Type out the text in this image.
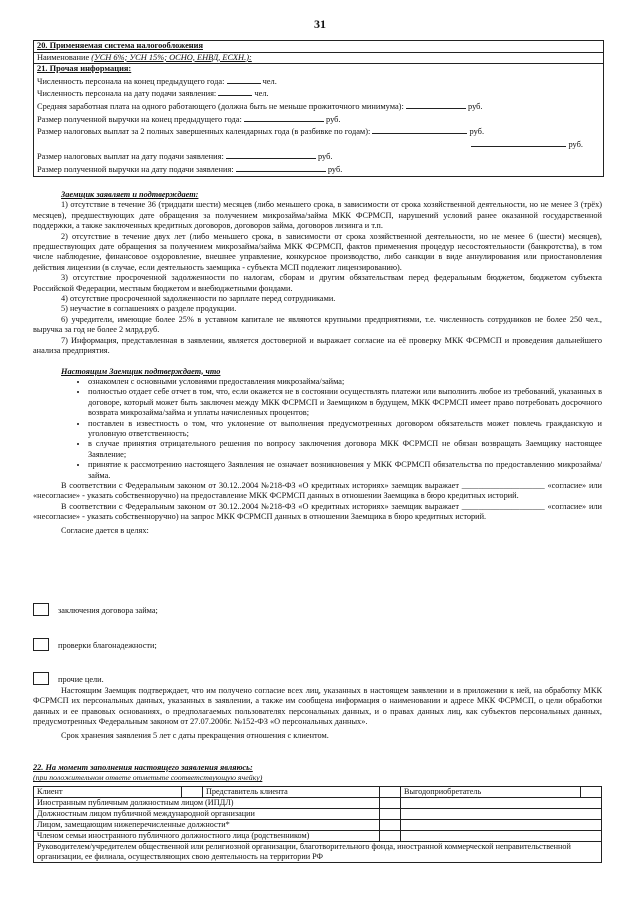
31
20. Применяемая система налогообложения
Наименование (УСН 6%; УСН 15%; ОСНО, ЕНВД, ЕСХН.):
21. Прочая информация:
Численность персонала на конец предыдущего года:	чел.
Численность персонала на дату подачи заявления:	чел.
Средняя заработная плата на одного работающего (должна быть не меньше прожиточного минимума):	руб.
Размер полученной выручки на конец предыдущего года:	руб.
Размер налоговых выплат за 2 полных завершенных календарных года (в разбивке по годам):	руб.
руб.
Размер налоговых выплат на дату подачи заявления:	руб.
Размер полученной выручки на дату подачи заявления:	руб.

Заемщик заявляет и подтверждает:

1) отсутствие в течение 36 (тридцати шести) месяцев (либо меньшего срока, в зависимости от срока хозяйственной деятельности, но не менее 3 (трёх) месяцев), предшествующих дате обращения за получением микрозайма/займа МКК ФСРМСП, нарушений условий ранее оказанной государственной поддержки, а также заключенных кредитных договоров, договоров займа, договоров лизинга и т.п.

2) отсутствие в течение двух лет (либо меньшего срока, в зависимости от срока хозяйственной деятельности, но не менее 6 (шести) месяцев), предшествующих дате обращения за получением микрозайма/займа МКК ФСРМСП, фактов применения процедур несостоятельности (банкротства), в том числе наблюдение, финансовое оздоровление, внешнее управление, конкурсное производство, либо санкции в виде аннулирования или приостановления действия лицензии (в случае, если деятельность заемщика - субъекта МСП подлежит лицензированию).

3) отсутствие просроченной задолженности по налогам, сборам и другим обязательствам перед федеральным бюджетом, бюджетом субъекта Российской Федерации, местным бюджетом и внебюджетными фондами.

4) отсутствие просроченной задолженности по зарплате перед сотрудниками.

5) неучастие в соглашениях о разделе продукции.

6) учредители, имеющие более 25% в уставном капитале не являются крупными предприятиями, т.е. численность сотрудников не более 250 чел., выручка за год не более 2 млрд.руб.

7) Информация, представленная в заявлении, является достоверной и выражает согласие на её проверку МКК ФСРМСП и проведения дальнейшего анализа предприятия.

Настоящим Заемщик подтверждает, что

• ознакомлен с основными условиями предоставления микрозайма/займа;
• полностью отдает себе отчет в том, что, если окажется не в состоянии осуществлять платежи или выполнить любое из требований, указанных в договоре, который может быть заключен между МКК ФСРМСП и Заемщиком в будущем, МКК ФСРМСП имеет право потребовать досрочного возврата микрозайма/займа и уплаты начисленных процентов;
• поставлен в известность о том, что уклонение от выполнения предусмотренных договором обязательств может повлечь гражданскую и уголовную ответственность;
• в случае принятия отрицательного решения по вопросу заключения договора МКК ФСРМСП не обязан возвращать Заемщику настоящее Заявление;
• принятие к рассмотрению настоящего Заявления не означает возникновения у МКК ФСРМСП обязательства по предоставлению микрозайма/займа.

В соответствии с Федеральным законом от 30.12..2004 №218-ФЗ «О кредитных историях» заемщик выражает ____________________ «согласие» или «несогласие» - указать собственноручно) на предоставление МКК ФСРМСП данных в отношении Заемщика в бюро кредитных историй.

В соответствии с Федеральным законом от 30.12..2004 №218-ФЗ «О кредитных историях» заемщик выражает ____________________ «согласие» или «несогласие» - указать собственноручно) на запрос МКК ФСРМСП данных в отношении Заемщика в бюро кредитных историй.

Согласие дается в целях:

заключения договора займа;
проверки благонадежности;
прочие цели.

Настоящим Заемщик подтверждает, что им получено согласие всех лиц, указанных в настоящем заявлении и в приложении к ней, на обработку МКК ФСРМСП их персональных данных, указанных в заявлении, а также им сообщена информация о наименовании и адресе МКК ФСРМСП, о цели обработки данных и ее правовых основаниях, о предполагаемых пользователях персональных данных, и о правах данных лиц, как субъектов персональных данных, предусмотренных Федеральным законом от 27.07.2006г. №152-ФЗ «О персональных данных».

Срок хранения заявления 5 лет с даты прекращения отношения с клиентом.

22. На момент заполнения настоящего заявления являюсь:

(при положительном ответе отметьте соответствующую ячейку)

Клиент		Представитель клиента		Выгодоприобретатель	
Иностранным публичным должностным лицом (ИПДЛ)					
Должностным лицом публичной международной организации					
Лицом, замещающим нижеперечисленные должности*					
Членом семьи иностранного публичного должностного лица (родственником)					
Руководителем/учредителем общественной или религиозной организации, благотворительного фонда, иностранной коммерческой неправительственной организации, ее филиала, осуществляющих свою деятельность на территории РФ					
